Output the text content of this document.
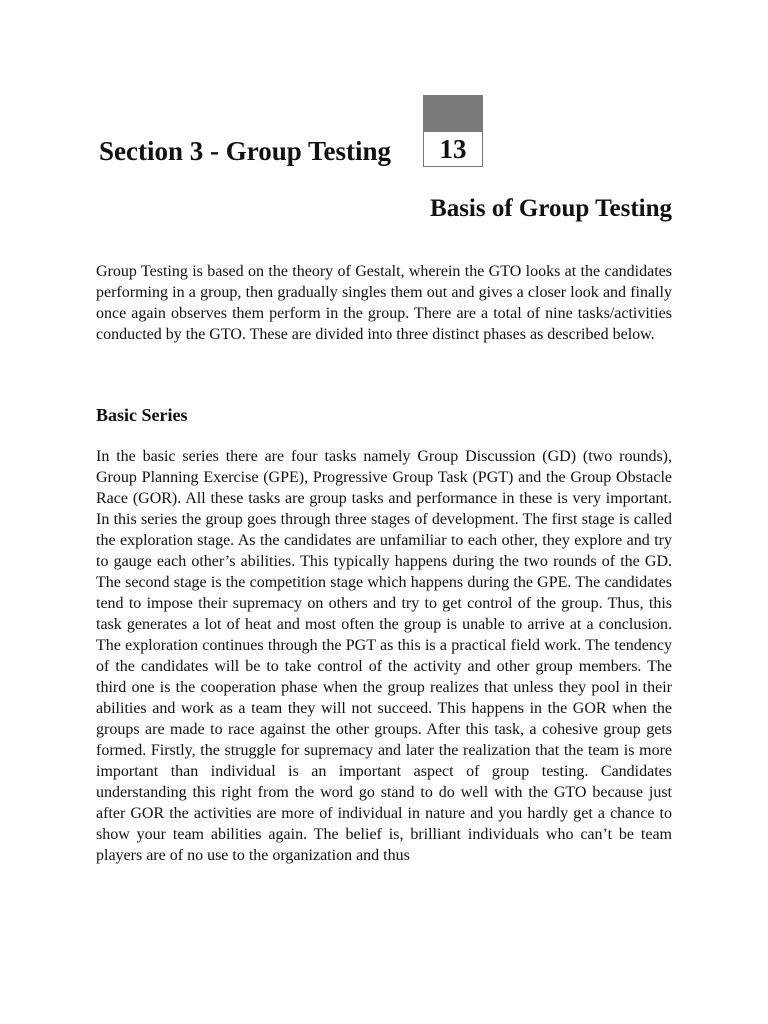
Section 3 - Group Testing	13
Basis of Group Testing

Group Testing is based on the theory of Gestalt, wherein the GTO looks at the candidates performing in a group, then gradually singles them out and gives a closer look and finally once again observes them perform in the group. There are a total of nine tasks/activities conducted by the GTO. These are divided into three distinct phases as described below.

Basic Series

In the basic series there are four tasks namely Group Discussion (GD) (two rounds), Group Planning Exercise (GPE), Progressive Group Task (PGT) and the Group Obstacle Race (GOR). All these tasks are group tasks and performance in these is very important. In this series the group goes through three stages of development. The first stage is called the exploration stage. As the candidates are unfamiliar to each other, they explore and try to gauge each other’s abilities. This typically happens during the two rounds of the GD. The second stage is the competition stage which happens during the GPE. The candidates tend to impose their supremacy on others and try to get control of the group. Thus, this task generates a lot of heat and most often the group is unable to arrive at a conclusion. The exploration continues through the PGT as this is a practical field work. The tendency of the candidates will be to take control of the activity and other group members. The third one is the cooperation phase when the group realizes that unless they pool in their abilities and work as a team they will not succeed. This happens in the GOR when the groups are made to race against the other groups. After this task, a cohesive group gets formed. Firstly, the struggle for supremacy and later the realization that the team is more important than individual is an important aspect of group testing. Candidates understanding this right from the word go stand to do well with the GTO because just after GOR the activities are more of individual in nature and you hardly get a chance to show your team abilities again. The belief is, brilliant individuals who can’t be team players are of no use to the organization and thus
